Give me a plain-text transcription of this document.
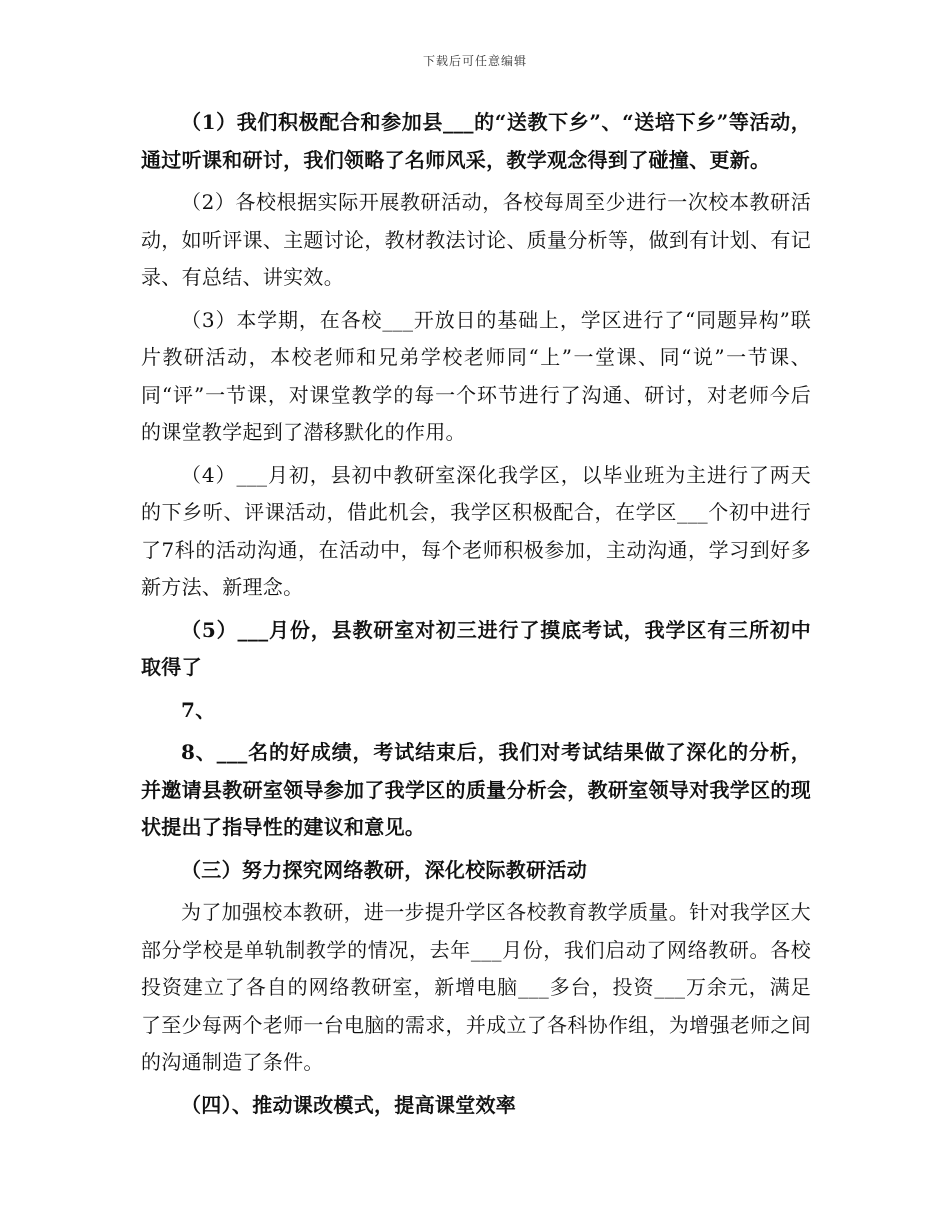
下载后可任意编辑

（1）我们积极配合和参加县___的“送教下乡”、“送培下乡”等活动，通过听课和研讨，我们领略了名师风采，教学观念得到了碰撞、更新。

（2）各校根据实际开展教研活动，各校每周至少进行一次校本教研活动，如听评课、主题讨论，教材教法讨论、质量分析等，做到有计划、有记录、有总结、讲实效。

（3）本学期，在各校___开放日的基础上，学区进行了“同题异构”联片教研活动，本校老师和兄弟学校老师同“上”一堂课、同“说”一节课、同“评”一节课，对课堂教学的每一个环节进行了沟通、研讨，对老师今后的课堂教学起到了潜移默化的作用。

（4）___月初，县初中教研室深化我学区，以毕业班为主进行了两天的下乡听、评课活动，借此机会，我学区积极配合，在学区___个初中进行了7科的活动沟通，在活动中，每个老师积极参加，主动沟通，学习到好多新方法、新理念。

（5）___月份，县教研室对初三进行了摸底考试，我学区有三所初中取得了

7、

8、___名的好成绩，考试结束后，我们对考试结果做了深化的分析，并邀请县教研室领导参加了我学区的质量分析会，教研室领导对我学区的现状提出了指导性的建议和意见。

（三）努力探究网络教研，深化校际教研活动

为了加强校本教研，进一步提升学区各校教育教学质量。针对我学区大部分学校是单轨制教学的情况，去年___月份，我们启动了网络教研。各校投资建立了各自的网络教研室，新增电脑___多台，投资___万余元，满足了至少每两个老师一台电脑的需求，并成立了各科协作组，为增强老师之间的沟通制造了条件。

（四）、推动课改模式，提高课堂效率
